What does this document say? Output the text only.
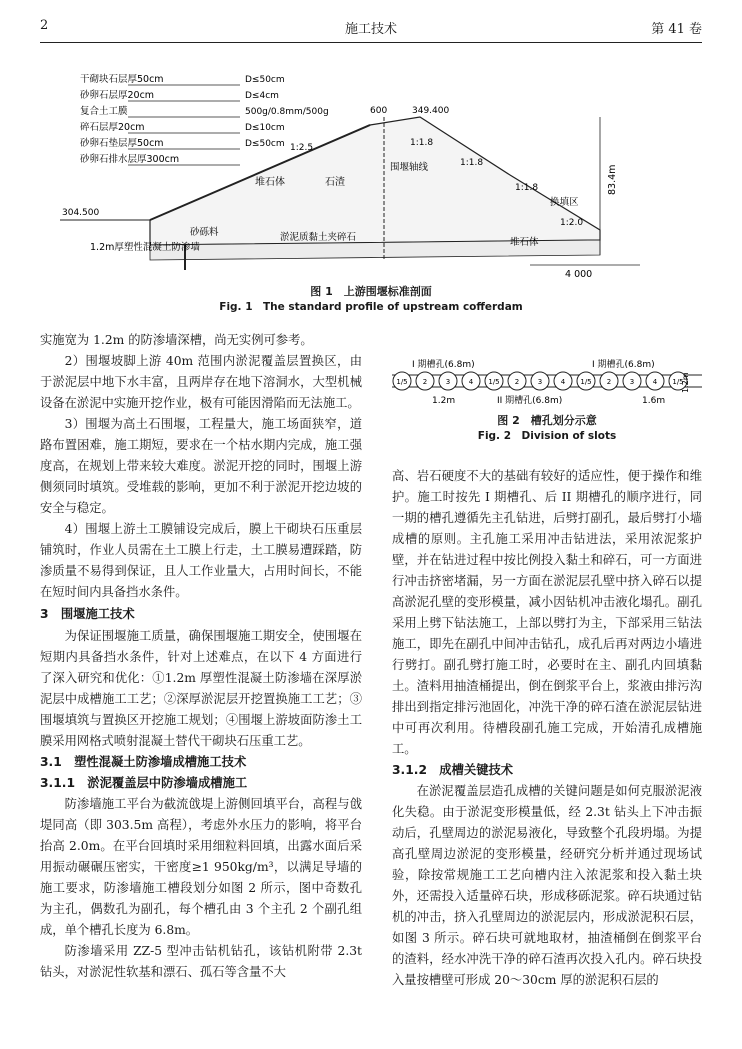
2	施工技术	第 41 卷
干砌块石层厚50cm
砂卵石层厚20cm
复合土工膜
碎石层厚20cm
砂卵石垫层厚50cm
砂卵石排水层厚300cm
D≤50cm
D≤4cm
500g/0.8mm/500g
D≤10cm
D≤50cm
600	349.400
304.500
1:2.5	1:1.8
1:1.8
1:1.8
1:2.0
堆石体	石渣
围堰轴线
砂砾料	淤泥质黏土夹碎石	堆石体
换填区
1.2m厚塑性混凝土防渗墙
83.4m
4 000
图 1　上游围堰标准剖面
Fig. 1　The standard profile of upstream cofferdam
1/5 2	3	4 1/5 2	3	4 1/5 2	3	4 1/5
I 期槽孔(6.8m)	I 期槽孔(6.8m)
II 期槽孔(6.8m)
1.2m	1.6m
1.2m
图 2　槽孔划分示意
Fig. 2　Division of slots

实施宽为 1.2m 的防渗墙深槽，尚无实例可参考。

2）围堰坡脚上游 40m 范围内淤泥覆盖层置换区，由于淤泥层中地下水丰富，且两岸存在地下溶洞水，大型机械设备在淤泥中实施开挖作业，极有可能因滑陷而无法施工。

3）围堰为高土石围堰，工程量大，施工场面狭窄，道路布置困难，施工期短，要求在一个枯水期内完成，施工强度高，在规划上带来较大难度。淤泥开挖的同时，围堰上游侧须同时填筑。受堆载的影响，更加不利于淤泥开挖边坡的安全与稳定。

4）围堰上游土工膜铺设完成后，膜上干砌块石压重层铺筑时，作业人员需在土工膜上行走，土工膜易遭踩踏，防渗质量不易得到保证，且人工作业量大，占用时间长，不能在短时间内具备挡水条件。

3　围堰施工技术

为保证围堰施工质量，确保围堰施工期安全，使围堰在短期内具备挡水条件，针对上述难点，在以下 4 方面进行了深入研究和优化：①1.2m 厚塑性混凝土防渗墙在深厚淤泥层中成槽施工工艺；②深厚淤泥层开挖置换施工工艺；③围堰填筑与置换区开挖施工规划；④围堰上游坡面防渗土工膜采用网格式喷射混凝土替代干砌块石压重工艺。

3.1　塑性混凝土防渗墙成槽施工技术

3.1.1　淤泥覆盖层中防渗墙成槽施工

防渗墙施工平台为截流戗堤上游侧回填平台，高程与戗堤同高（即 303.5m 高程），考虑外水压力的影响，将平台抬高 2.0m。在平台回填时采用细粒料回填，出露水面后采用振动碾碾压密实，干密度≥1 950kg/m³，以满足导墙的施工要求，防渗墙施工槽段划分如图 2 所示，图中奇数孔为主孔，偶数孔为副孔，每个槽孔由 3 个主孔 2 个副孔组成，单个槽孔长度为 6.8m。

防渗墙采用 ZZ-5 型冲击钻机钻孔，该钻机附带 2.3t 钻头，对淤泥性软基和漂石、孤石等含量不大

高、岩石硬度不大的基础有较好的适应性，便于操作和维护。施工时按先 I 期槽孔、后 II 期槽孔的顺序进行，同一期的槽孔遵循先主孔钻进，后劈打副孔，最后劈打小墙成槽的原则。主孔施工采用冲击钻进法，采用浓泥浆护壁，并在钻进过程中按比例投入黏土和碎石，可一方面进行冲击挤密堵漏，另一方面在淤泥层孔壁中挤入碎石以提高淤泥孔壁的变形模量，减小因钻机冲击液化塌孔。副孔采用上劈下钻法施工，上部以劈打为主，下部采用三钻法施工，即先在副孔中间冲击钻孔，成孔后再对两边小墙进行劈打。副孔劈打施工时，必要时在主、副孔内回填黏土。渣料用抽渣桶提出，倒在倒浆平台上，浆液由排污沟排出到指定排污池固化，冲洗干净的碎石渣在淤泥层钻进中可再次利用。待槽段副孔施工完成，开始清孔成槽施工。

3.1.2　成槽关键技术

在淤泥覆盖层造孔成槽的关键问题是如何克服淤泥液化失稳。由于淤泥变形模量低，经 2.3t 钻头上下冲击振动后，孔壁周边的淤泥易液化，导致整个孔段坍塌。为提高孔壁周边淤泥的变形模量，经研究分析并通过现场试验，除按常规施工工艺向槽内注入浓泥浆和投入黏土块外，还需投入适量碎石块，形成移砾泥浆。碎石块通过钻机的冲击，挤入孔壁周边的淤泥层内，形成淤泥积石层，如图 3 所示。碎石块可就地取材，抽渣桶倒在倒浆平台的渣料，经水冲洗干净的碎石渣再次投入孔内。碎石块投入量按槽壁可形成 20～30cm 厚的淤泥积石层的
